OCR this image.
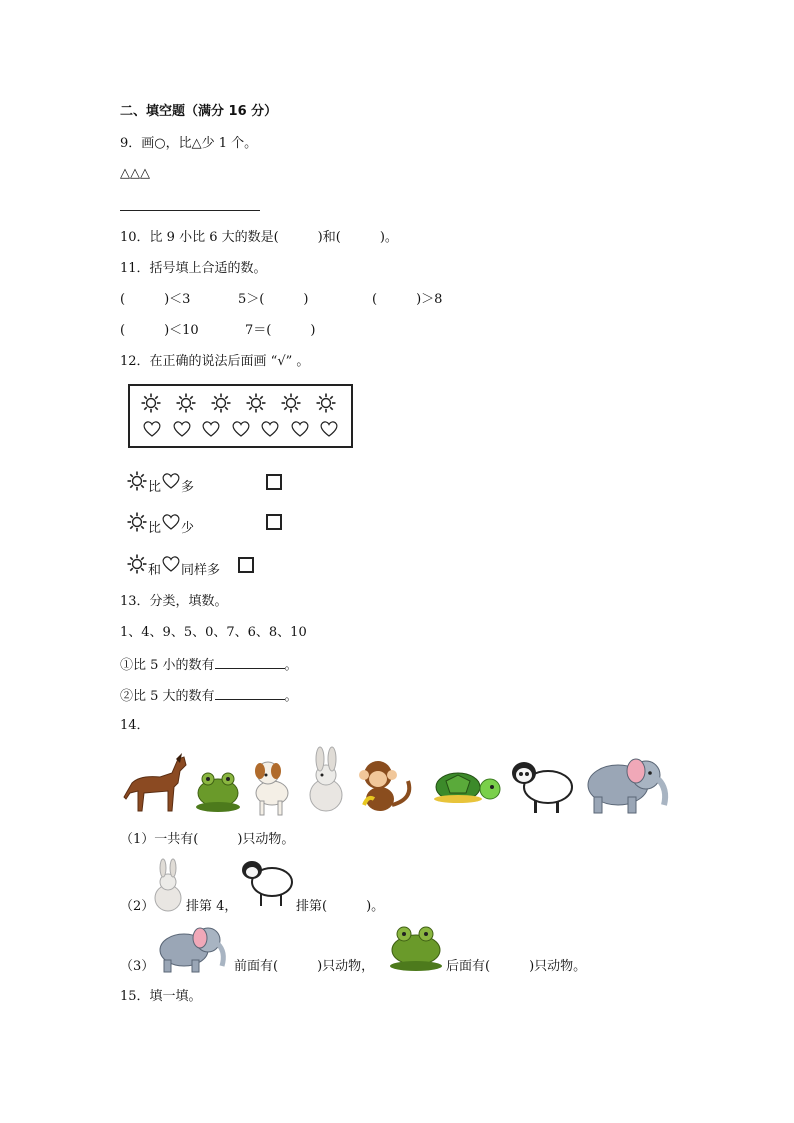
二、填空题（满分 16 分）
9．画○，比△少 1 个。
△△△
10．比 9 小比 6 大的数是(　　　)和(　　　)。
11．括号填上合适的数。
(　　　)＜3	5＞(　　　)	(　　　)＞8
(　　　)＜10	7＝(　　　)
12．在正确的说法后面画 “√” 。
比 多
比 少
和 同样多
13．分类，填数。
1、4、9、5、0、7、6、8、10
①比 5 小的数有	。
②比 5 大的数有	。
14．
（1）一共有(　　　)只动物。
（2） 排第 4，	排第(　　　)。
（3）	前面有(　　　)只动物，	后面有(　　　)只动物。
15．填一填。
